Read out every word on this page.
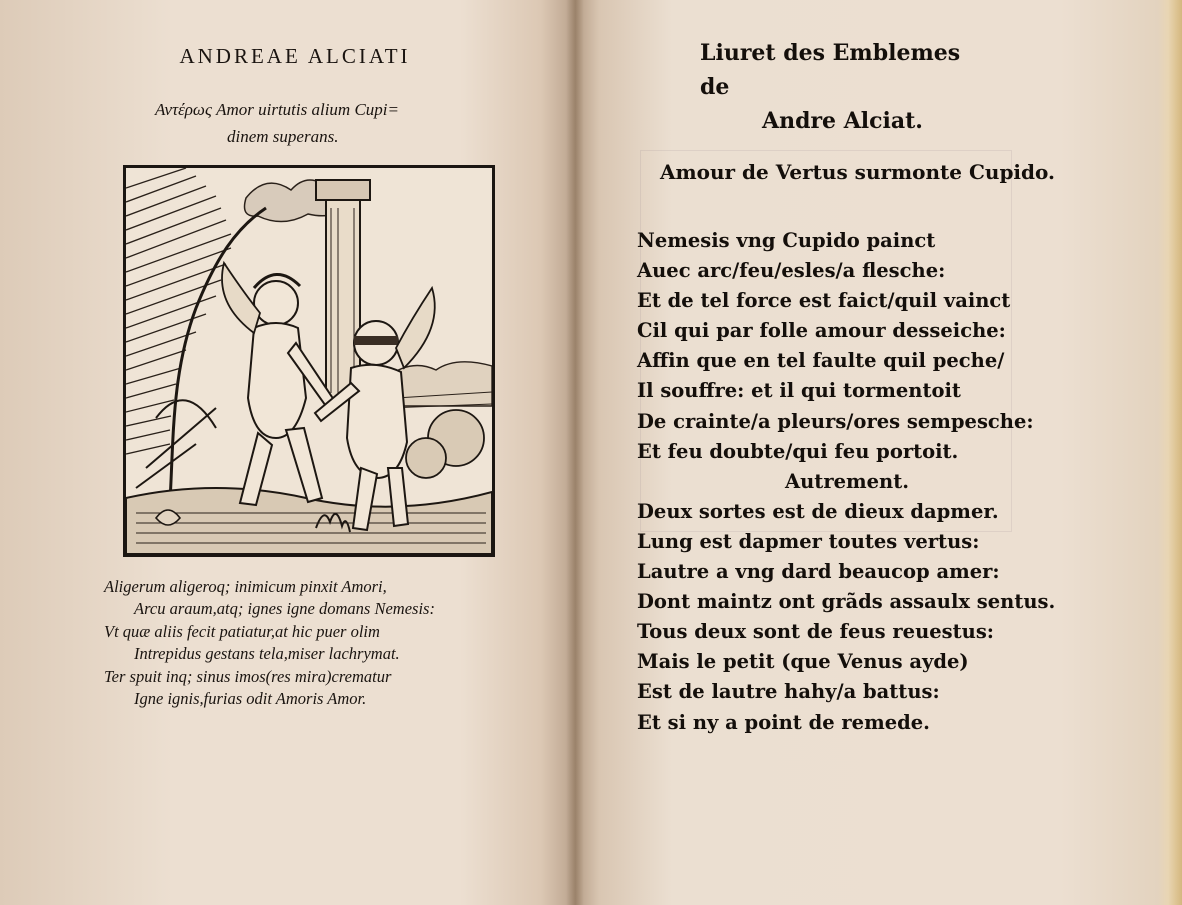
ANDREAE ALCIATI
Αντέρως Amor uirtutis alium Cupi=
dinem superans.
Aligerum aligeroq; inimicum pinxit Amori,
Arcu araum,atq; ignes igne domans Nemesis:
Vt quæ aliis fecit patiatur,at hic puer olim
Intrepidus gestans tela,miser lachrymat.
Ter spuit inq; sinus imos(res mira)crematur
Igne ignis,furias odit Amoris Amor.
Liuret des Emblemes de
Andre Alciat.
Amour de Vertus surmonte Cupido.
Nemesis vng Cupido painct
Auec arc/feu/esles/a flesche:
Et de tel force est faict/quil vainct
Cil qui par folle amour desseiche:
Affin que en tel faulte quil peche/
Il souffre: et il qui tormentoit
De crainte/a pleurs/ores sempesche:
Et feu doubte/qui feu portoit.
Autrement.
Deux sortes est de dieux dapmer.
Lung est dapmer toutes vertus:
Lautre a vng dard beaucop amer:
Dont maintz ont grãds assaulx sentus.
Tous deux sont de feus reuestus:
Mais le petit (que Venus ayde)
Est de lautre hahy/a battus:
Et si ny a point de remede.
